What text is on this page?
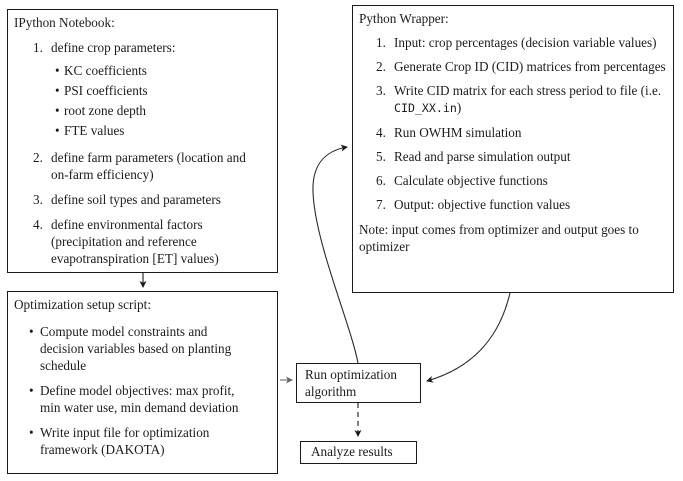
IPython Notebook:
1. define crop parameters:
• KC coefficients
• PSI coefficients
• root zone depth
• FTE values
2. define farm parameters (location and on-farm efficiency)
3. define soil types and parameters
4. define environmental factors (precipitation and reference evapotranspiration [ET] values)
Optimization setup script:
• Compute model constraints and decision variables based on planting schedule
• Define model objectives: max profit, min water use, min demand deviation
• Write input file for optimization framework (DAKOTA)
Python Wrapper:
1. Input: crop percentages (decision variable values)
2. Generate Crop ID (CID) matrices from percentages
3. Write CID matrix for each stress period to file (i.e. CID_XX.in)
4. Run OWHM simulation
5. Read and parse simulation output
6. Calculate objective functions
7. Output: objective function values
Note: input comes from optimizer and output goes to optimizer
Run optimization algorithm
Analyze results
